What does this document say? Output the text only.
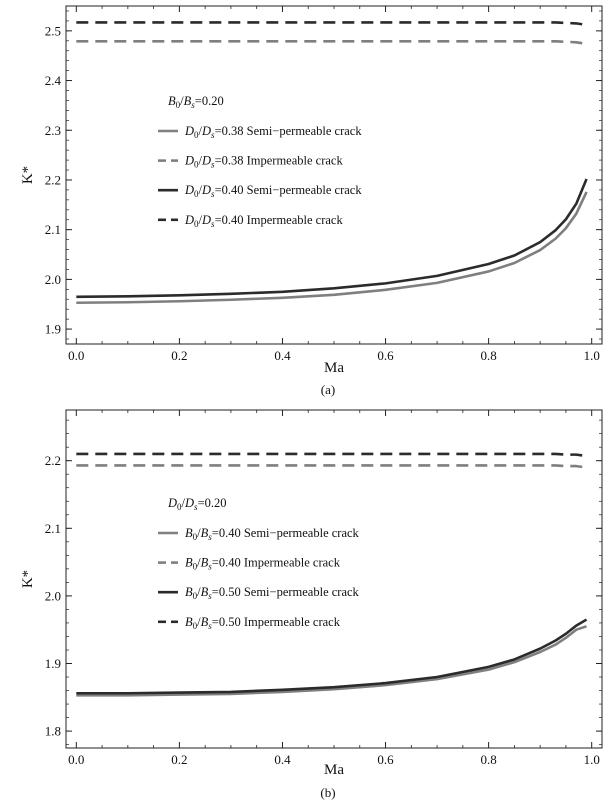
0.0	0.2	0.4	0.6	0.8	1.0
1.9
2.0
2.1
2.2
2.3
2.4
2.5
Ma
K*
(a)
$B_0/B_s=0.20$
$D_0/D_s=0.38$ Semi−permeable crack
$D_0/D_s=0.38$ Impermeable crack
$D_0/D_s=0.40$ Semi−permeable crack
$D_0/D_s=0.40$ Impermeable crack
0.0	0.2	0.4	0.6	0.8	1.0
1.8
1.9
2.0
2.1
2.2
Ma
K*
(b)
$D_0/D_s=0.20$
$B_0/B_s=0.40$ Semi−permeable crack
$B_0/B_s=0.40$ Impermeable crack
$B_0/B_s=0.50$ Semi−permeable crack
$B_0/B_s=0.50$ Impermeable crack
